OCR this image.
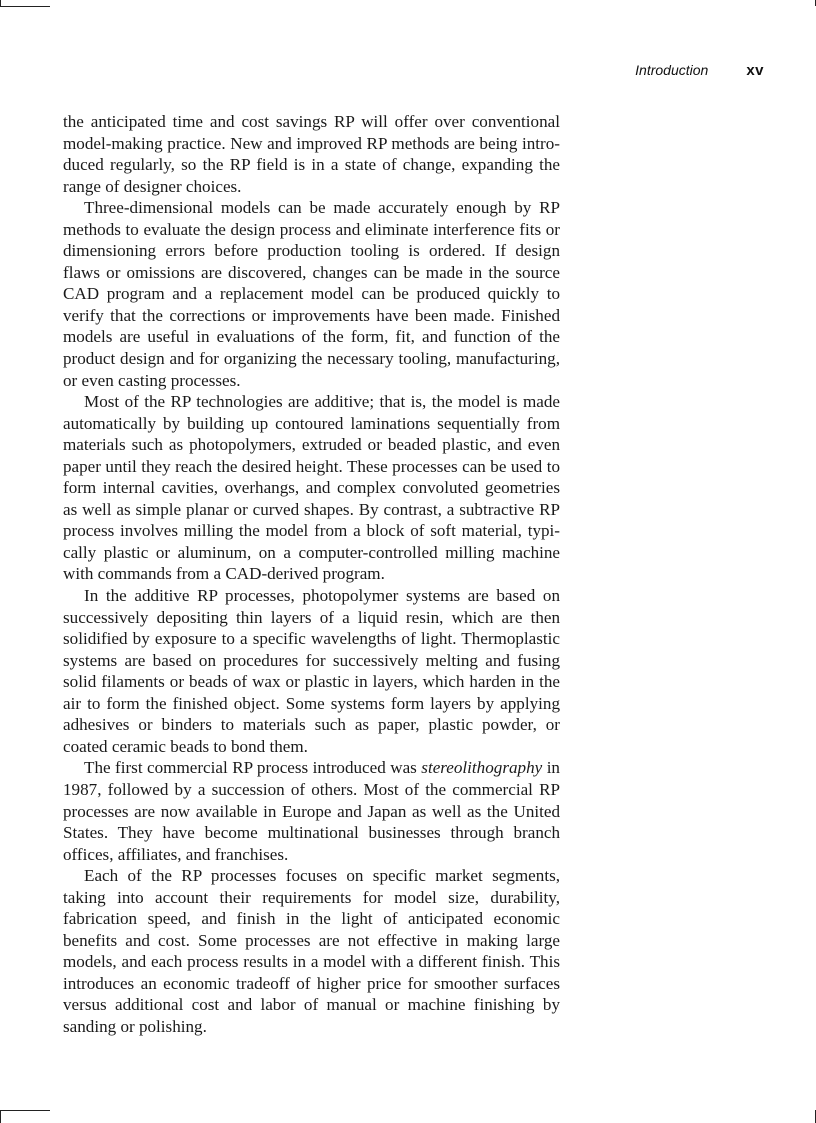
Introduction	xv

the anticipated time and cost savings RP will offer over conventional model-making practice. New and improved RP methods are being introduced regularly, so the RP field is in a state of change, expanding the range of designer choices.

Three-dimensional models can be made accurately enough by RP methods to evaluate the design process and eliminate interference fits or dimensioning errors before production tooling is ordered. If design flaws or omissions are discovered, changes can be made in the source CAD program and a replacement model can be produced quickly to verify that the corrections or improvements have been made. Finished models are useful in evaluations of the form, fit, and function of the product design and for organizing the necessary tooling, manufacturing, or even casting processes.

Most of the RP technologies are additive; that is, the model is made automatically by building up contoured laminations sequentially from materials such as photopolymers, extruded or beaded plastic, and even paper until they reach the desired height. These processes can be used to form internal cavities, overhangs, and complex convoluted geometries as well as simple planar or curved shapes. By contrast, a subtractive RP process involves milling the model from a block of soft material, typically plastic or aluminum, on a computer-controlled milling machine with commands from a CAD-derived program.

In the additive RP processes, photopolymer systems are based on successively depositing thin layers of a liquid resin, which are then solidified by exposure to a specific wavelengths of light. Thermoplastic systems are based on procedures for successively melting and fusing solid filaments or beads of wax or plastic in layers, which harden in the air to form the finished object. Some systems form layers by applying adhesives or binders to materials such as paper, plastic powder, or coated ceramic beads to bond them.

The first commercial RP process introduced was stereolithography in 1987, followed by a succession of others. Most of the commercial RP processes are now available in Europe and Japan as well as the United States. They have become multinational businesses through branch offices, affiliates, and franchises.

Each of the RP processes focuses on specific market segments, taking into account their requirements for model size, durability, fabrication speed, and finish in the light of anticipated economic benefits and cost. Some processes are not effective in making large models, and each process results in a model with a different finish. This introduces an economic tradeoff of higher price for smoother surfaces versus additional cost and labor of manual or machine finishing by sanding or polishing.
